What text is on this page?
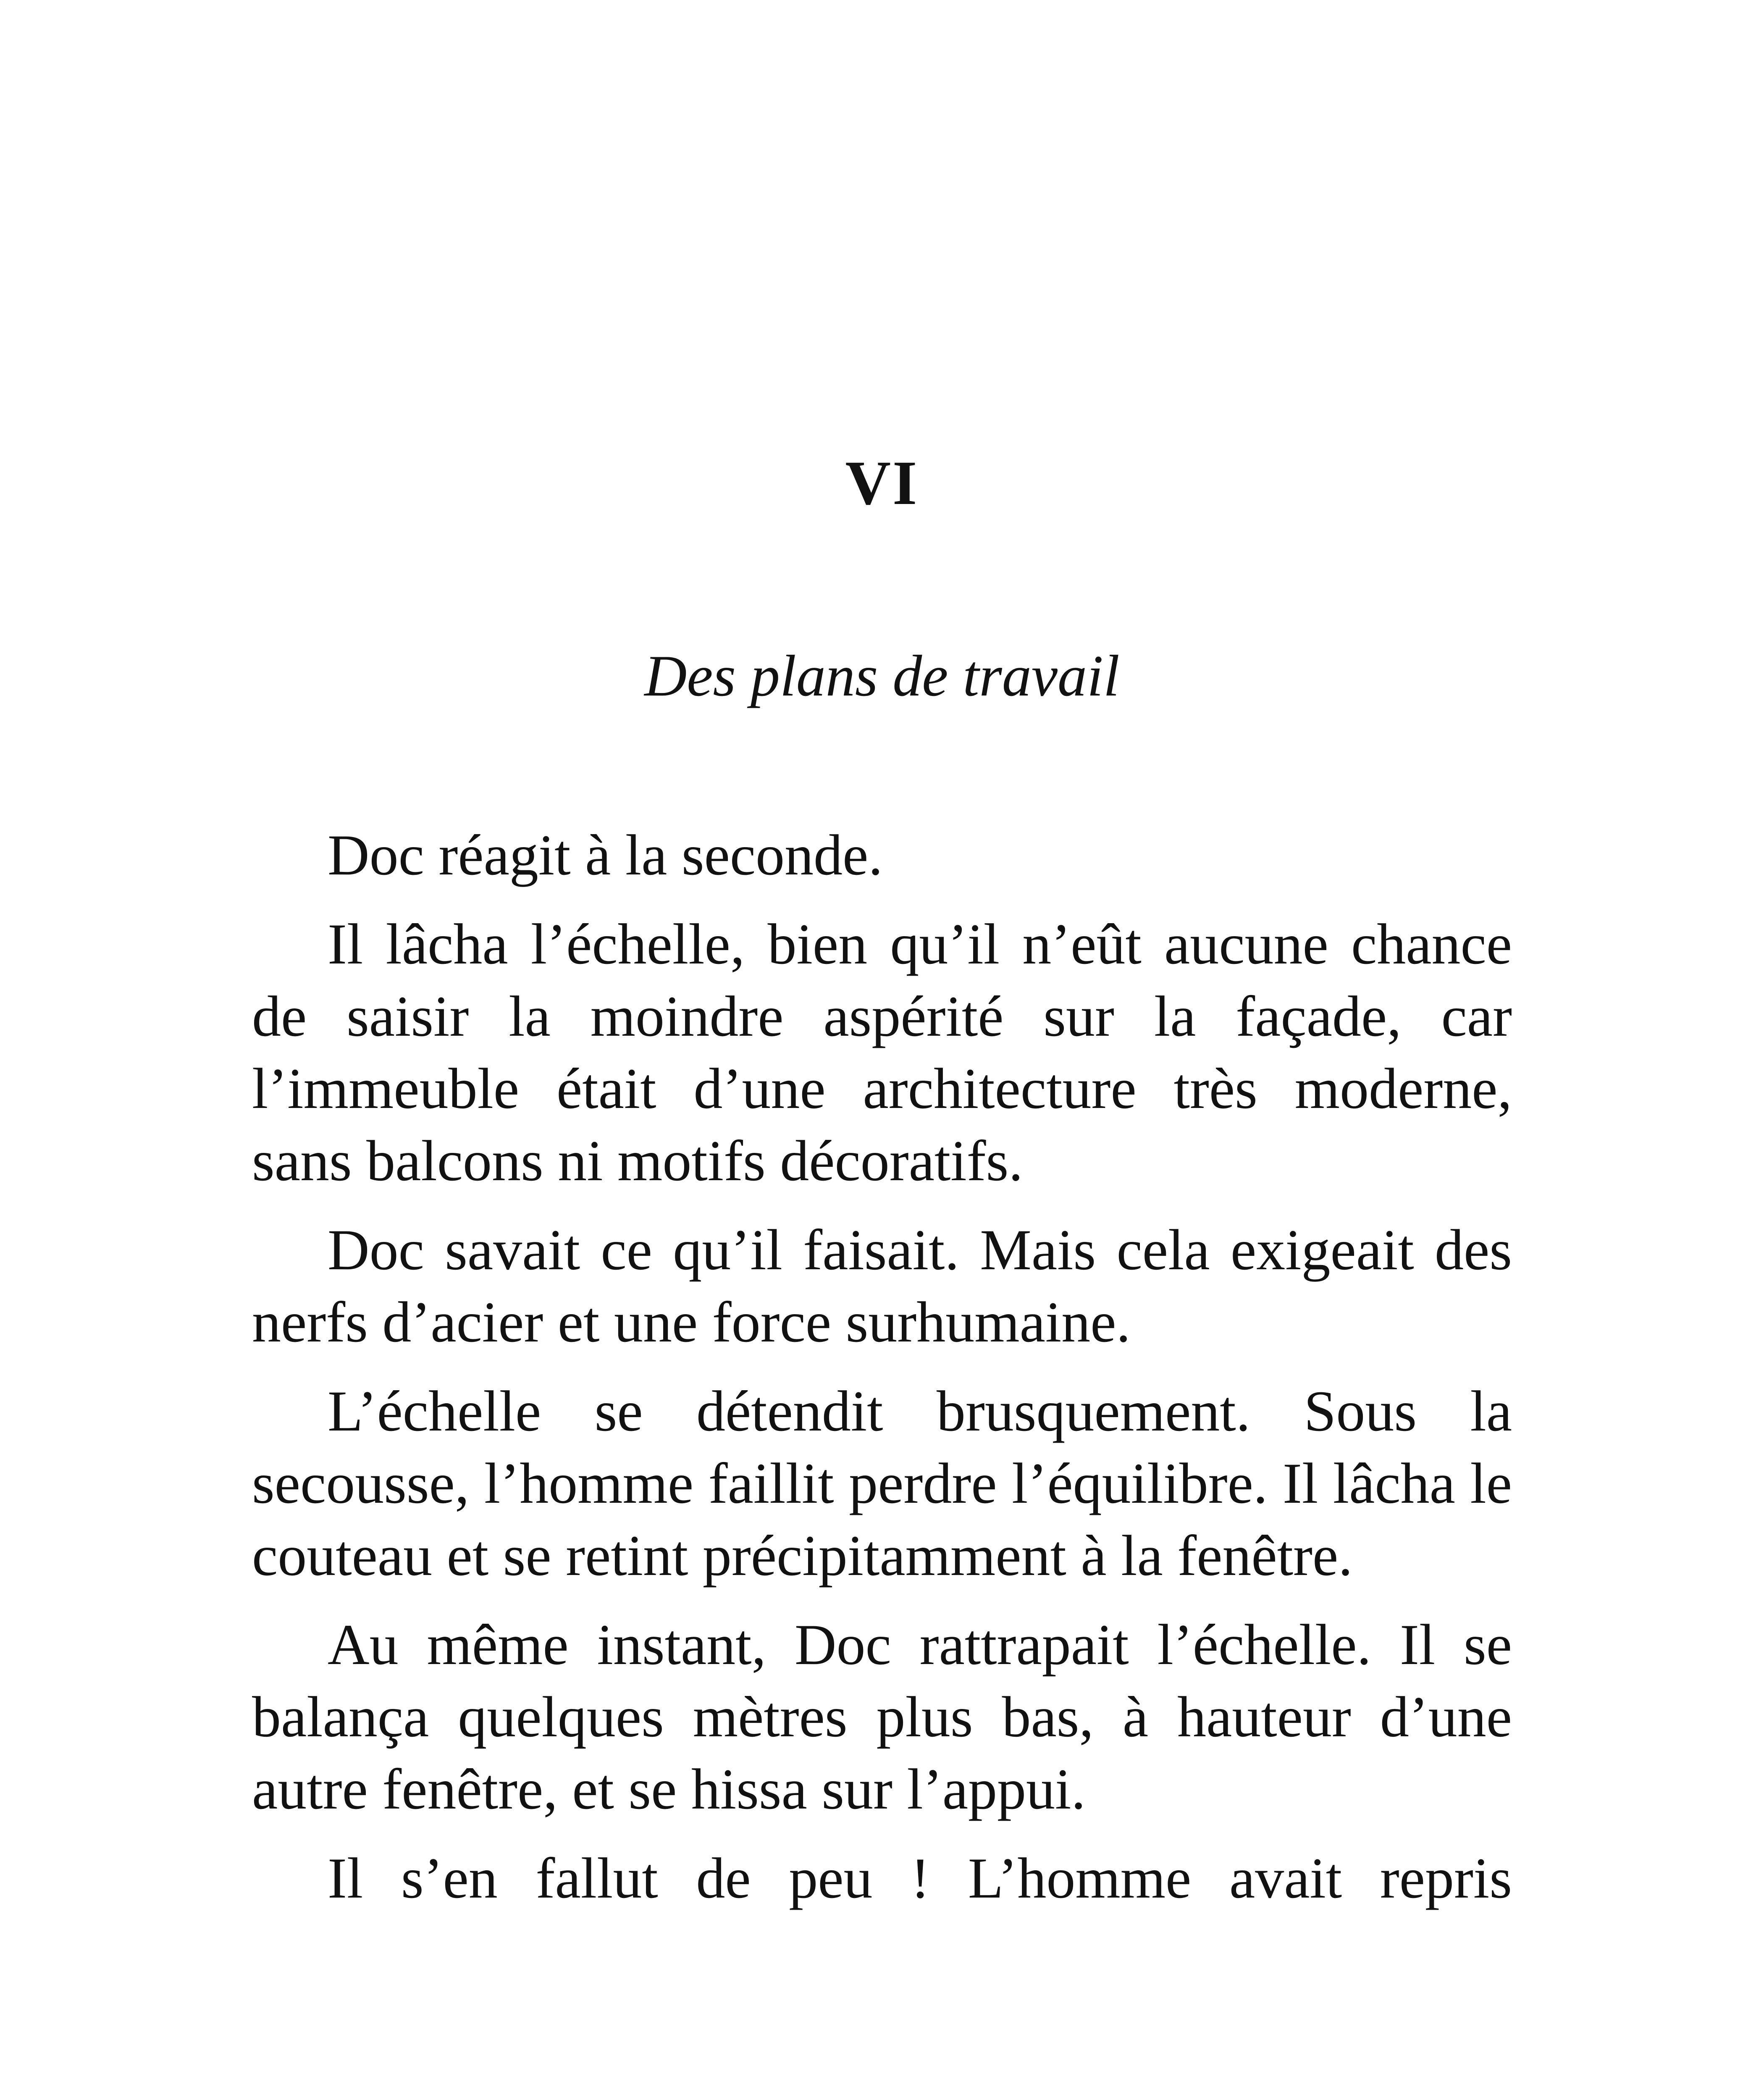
VI
Des plans de travail

Doc réagit à la seconde.

Il lâcha l’échelle, bien qu’il n’eût aucune chance de saisir la moindre aspérité sur la façade, car l’immeuble était d’une architecture très moderne, sans balcons ni motifs décoratifs.

Doc savait ce qu’il faisait. Mais cela exigeait des nerfs d’acier et une force surhumaine.

L’échelle se détendit brusquement. Sous la secousse, l’homme faillit perdre l’équilibre. Il lâcha le couteau et se retint précipitamment à la fenêtre.

Au même instant, Doc rattrapait l’échelle. Il se balança quelques mètres plus bas, à hauteur d’une autre fenêtre, et se hissa sur l’appui.

Il s’en fallut de peu ! L’homme avait repris
